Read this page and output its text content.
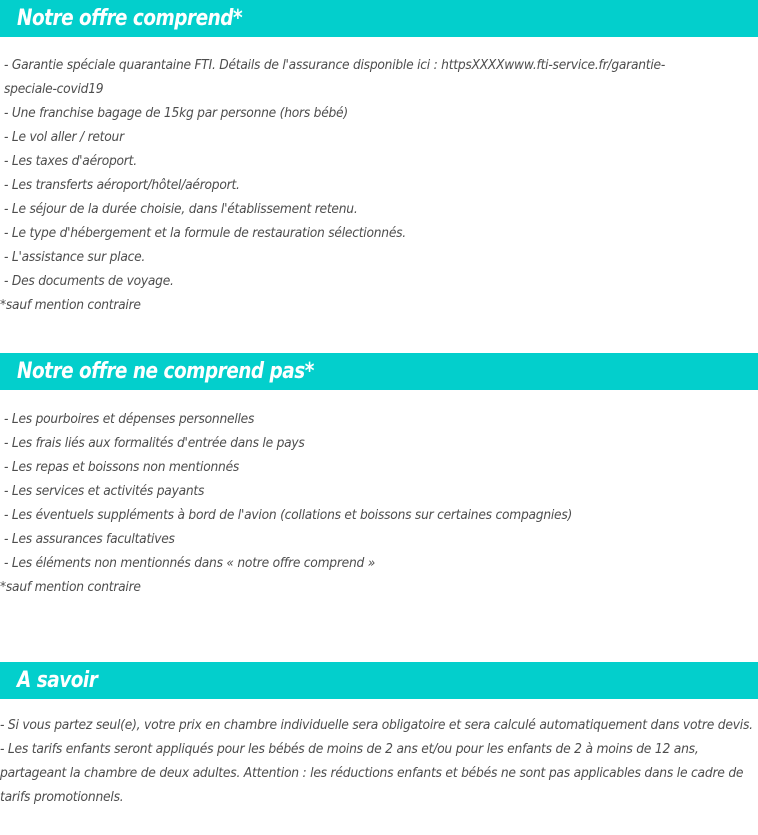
Notre offre comprend*
- Garantie spéciale quarantaine FTI. Détails de l'assurance disponible ici : httpsXXXXwww.fti-service.fr/garantie-speciale-covid19
- Une franchise bagage de 15kg par personne (hors bébé)
- Le vol aller / retour
- Les taxes d'aéroport.
- Les transferts aéroport/hôtel/aéroport.
- Le séjour de la durée choisie, dans l'établissement retenu.
- Le type d'hébergement et la formule de restauration sélectionnés.
- L'assistance sur place.
- Des documents de voyage.
*sauf mention contraire
Notre offre ne comprend pas*
- Les pourboires et dépenses personnelles
- Les frais liés aux formalités d'entrée dans le pays
- Les repas et boissons non mentionnés
- Les services et activités payants
- Les éventuels suppléments à bord de l'avion (collations et boissons sur certaines compagnies)
- Les assurances facultatives
- Les éléments non mentionnés dans « notre offre comprend »
*sauf mention contraire
A savoir
- Si vous partez seul(e), votre prix en chambre individuelle sera obligatoire et sera calculé automatiquement dans votre devis.
- Les tarifs enfants seront appliqués pour les bébés de moins de 2 ans et/ou pour les enfants de 2 à moins de 12 ans, partageant la chambre de deux adultes. Attention : les réductions enfants et bébés ne sont pas applicables dans le cadre de tarifs promotionnels.
